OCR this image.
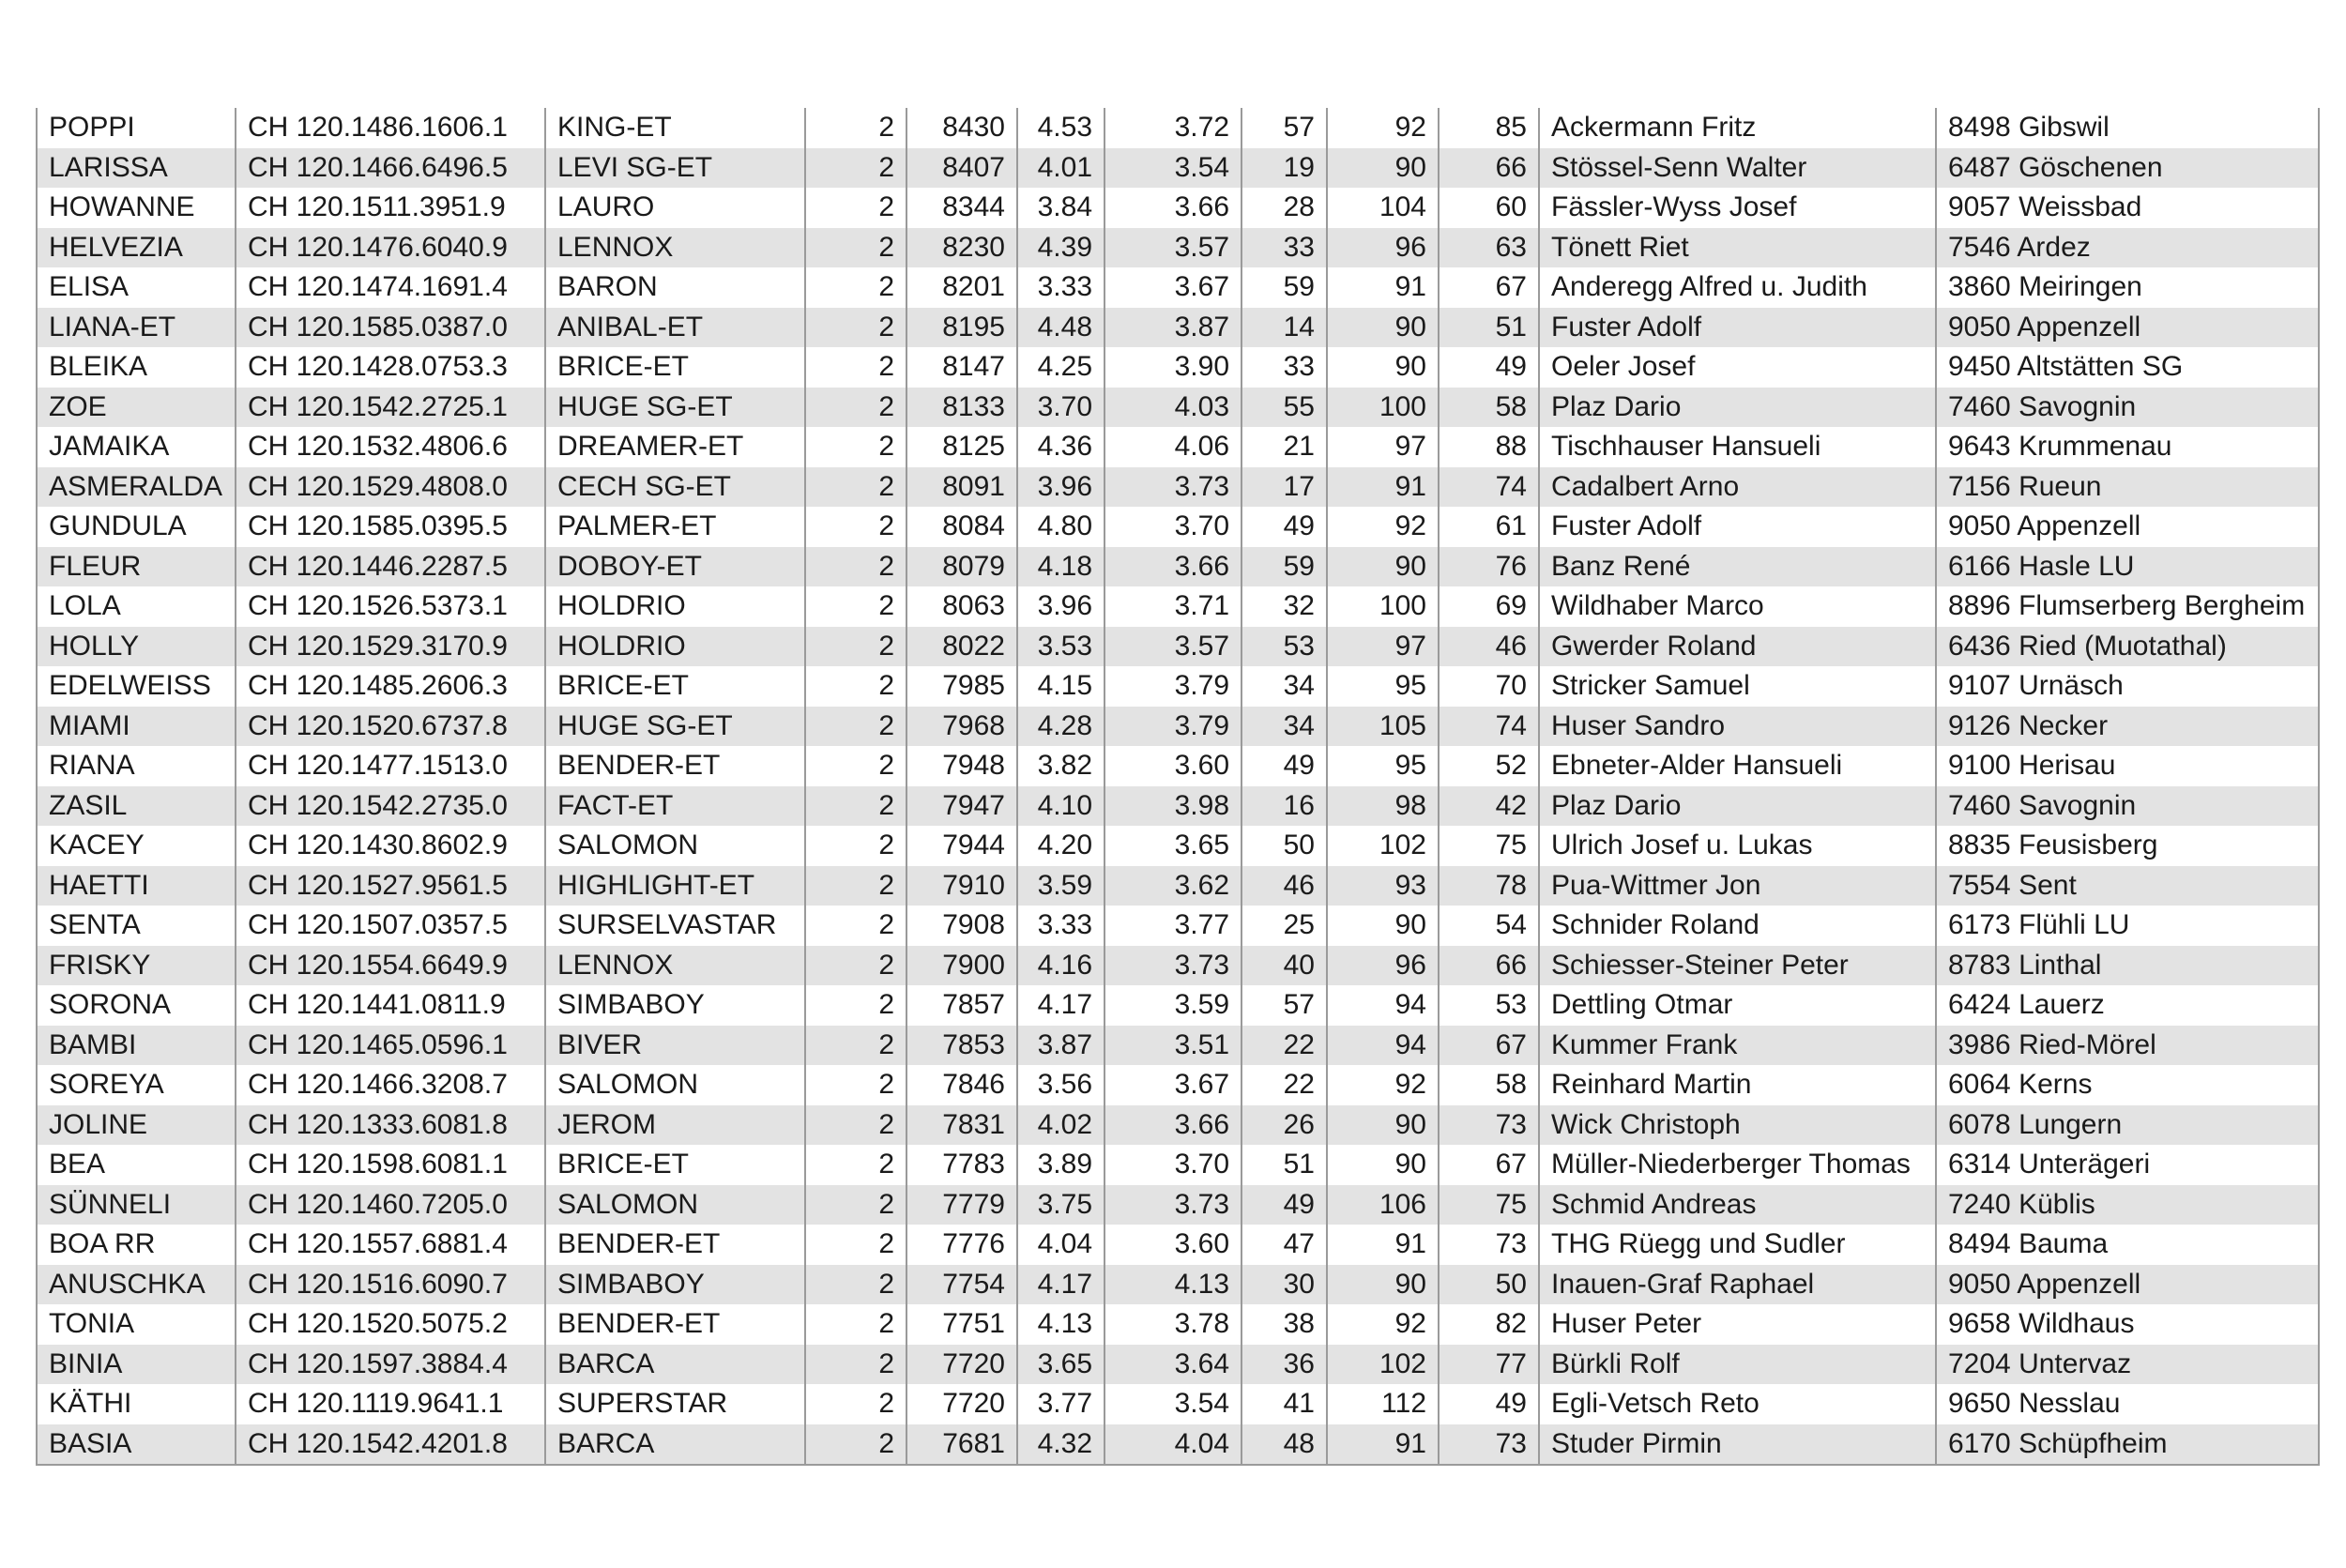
POPPI	CH 120.1486.1606.1	KING-ET	2	8430	4.53	3.72	57	92	85	Ackermann Fritz	8498 Gibswil
LARISSA	CH 120.1466.6496.5	LEVI SG-ET	2	8407	4.01	3.54	19	90	66	Stössel-Senn Walter	6487 Göschenen
HOWANNE	CH 120.1511.3951.9	LAURO	2	8344	3.84	3.66	28	104	60	Fässler-Wyss Josef	9057 Weissbad
HELVEZIA	CH 120.1476.6040.9	LENNOX	2	8230	4.39	3.57	33	96	63	Tönett Riet	7546 Ardez
ELISA	CH 120.1474.1691.4	BARON	2	8201	3.33	3.67	59	91	67	Anderegg Alfred u. Judith	3860 Meiringen
LIANA-ET	CH 120.1585.0387.0	ANIBAL-ET	2	8195	4.48	3.87	14	90	51	Fuster Adolf	9050 Appenzell
BLEIKA	CH 120.1428.0753.3	BRICE-ET	2	8147	4.25	3.90	33	90	49	Oeler Josef	9450 Altstätten SG
ZOE	CH 120.1542.2725.1	HUGE SG-ET	2	8133	3.70	4.03	55	100	58	Plaz Dario	7460 Savognin
JAMAIKA	CH 120.1532.4806.6	DREAMER-ET	2	8125	4.36	4.06	21	97	88	Tischhauser Hansueli	9643 Krummenau
ASMERALDA	CH 120.1529.4808.0	CECH SG-ET	2	8091	3.96	3.73	17	91	74	Cadalbert Arno	7156 Rueun
GUNDULA	CH 120.1585.0395.5	PALMER-ET	2	8084	4.80	3.70	49	92	61	Fuster Adolf	9050 Appenzell
FLEUR	CH 120.1446.2287.5	DOBOY-ET	2	8079	4.18	3.66	59	90	76	Banz René	6166 Hasle LU
LOLA	CH 120.1526.5373.1	HOLDRIO	2	8063	3.96	3.71	32	100	69	Wildhaber Marco	8896 Flumserberg Bergheim
HOLLY	CH 120.1529.3170.9	HOLDRIO	2	8022	3.53	3.57	53	97	46	Gwerder Roland	6436 Ried (Muotathal)
EDELWEISS	CH 120.1485.2606.3	BRICE-ET	2	7985	4.15	3.79	34	95	70	Stricker Samuel	9107 Urnäsch
MIAMI	CH 120.1520.6737.8	HUGE SG-ET	2	7968	4.28	3.79	34	105	74	Huser Sandro	9126 Necker
RIANA	CH 120.1477.1513.0	BENDER-ET	2	7948	3.82	3.60	49	95	52	Ebneter-Alder Hansueli	9100 Herisau
ZASIL	CH 120.1542.2735.0	FACT-ET	2	7947	4.10	3.98	16	98	42	Plaz Dario	7460 Savognin
KACEY	CH 120.1430.8602.9	SALOMON	2	7944	4.20	3.65	50	102	75	Ulrich Josef u. Lukas	8835 Feusisberg
HAETTI	CH 120.1527.9561.5	HIGHLIGHT-ET	2	7910	3.59	3.62	46	93	78	Pua-Wittmer Jon	7554 Sent
SENTA	CH 120.1507.0357.5	SURSELVASTAR	2	7908	3.33	3.77	25	90	54	Schnider Roland	6173 Flühli LU
FRISKY	CH 120.1554.6649.9	LENNOX	2	7900	4.16	3.73	40	96	66	Schiesser-Steiner Peter	8783 Linthal
SORONA	CH 120.1441.0811.9	SIMBABOY	2	7857	4.17	3.59	57	94	53	Dettling Otmar	6424 Lauerz
BAMBI	CH 120.1465.0596.1	BIVER	2	7853	3.87	3.51	22	94	67	Kummer Frank	3986 Ried-Mörel
SOREYA	CH 120.1466.3208.7	SALOMON	2	7846	3.56	3.67	22	92	58	Reinhard Martin	6064 Kerns
JOLINE	CH 120.1333.6081.8	JEROM	2	7831	4.02	3.66	26	90	73	Wick Christoph	6078 Lungern
BEA	CH 120.1598.6081.1	BRICE-ET	2	7783	3.89	3.70	51	90	67	Müller-Niederberger Thomas	6314 Unterägeri
SÜNNELI	CH 120.1460.7205.0	SALOMON	2	7779	3.75	3.73	49	106	75	Schmid Andreas	7240 Küblis
BOA RR	CH 120.1557.6881.4	BENDER-ET	2	7776	4.04	3.60	47	91	73	THG Rüegg und Sudler	8494 Bauma
ANUSCHKA	CH 120.1516.6090.7	SIMBABOY	2	7754	4.17	4.13	30	90	50	Inauen-Graf Raphael	9050 Appenzell
TONIA	CH 120.1520.5075.2	BENDER-ET	2	7751	4.13	3.78	38	92	82	Huser Peter	9658 Wildhaus
BINIA	CH 120.1597.3884.4	BARCA	2	7720	3.65	3.64	36	102	77	Bürkli Rolf	7204 Untervaz
KÄTHI	CH 120.1119.9641.1	SUPERSTAR	2	7720	3.77	3.54	41	112	49	Egli-Vetsch Reto	9650 Nesslau
BASIA	CH 120.1542.4201.8	BARCA	2	7681	4.32	4.04	48	91	73	Studer Pirmin	6170 Schüpfheim
